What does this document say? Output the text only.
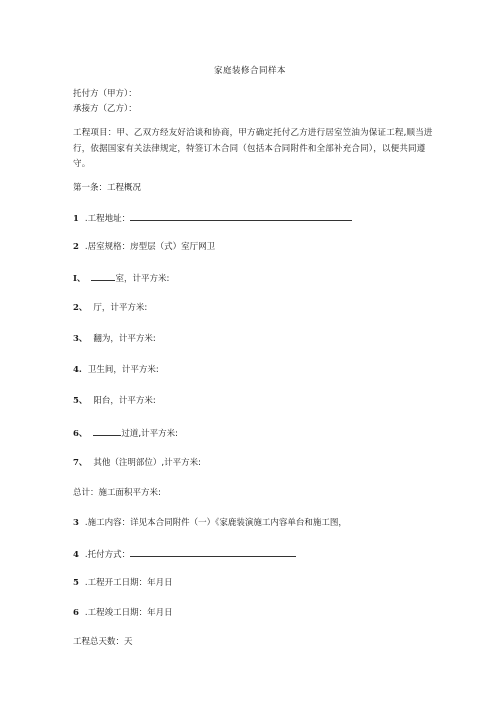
家庭装修合同样本
托付方（甲方）：
承接方（乙方）：
工程项目：甲、乙双方经友好洽谈和协商，甲方确定托付乙方进行居室笠油为保证工程,顺当进行，依据国家有关法律规定，特签订木合同（包括本合同附件和全部补充合同），以便共同遵守。
第一条：工程概况
1 .工程地址：
2 .居室规格：房型层（式）室厅网卫
I、	室，计平方米:
2、 厅，计平方米:
3、 翻为，计平方米:
4. 卫生间，计平方米:
5、 阳台，计平方米:
6、	过道,计平方米:
7、 其他（注明部位）,计平方米:
总计：施工面积平方米:
3 .施工内容：详见本合同附件（一）《家鹿装演施工内容单台和施工图，
4 .托付方式：
5 .工程开工日期：年月日
6 .工程竣工日期：年月日
工程总天数：天
